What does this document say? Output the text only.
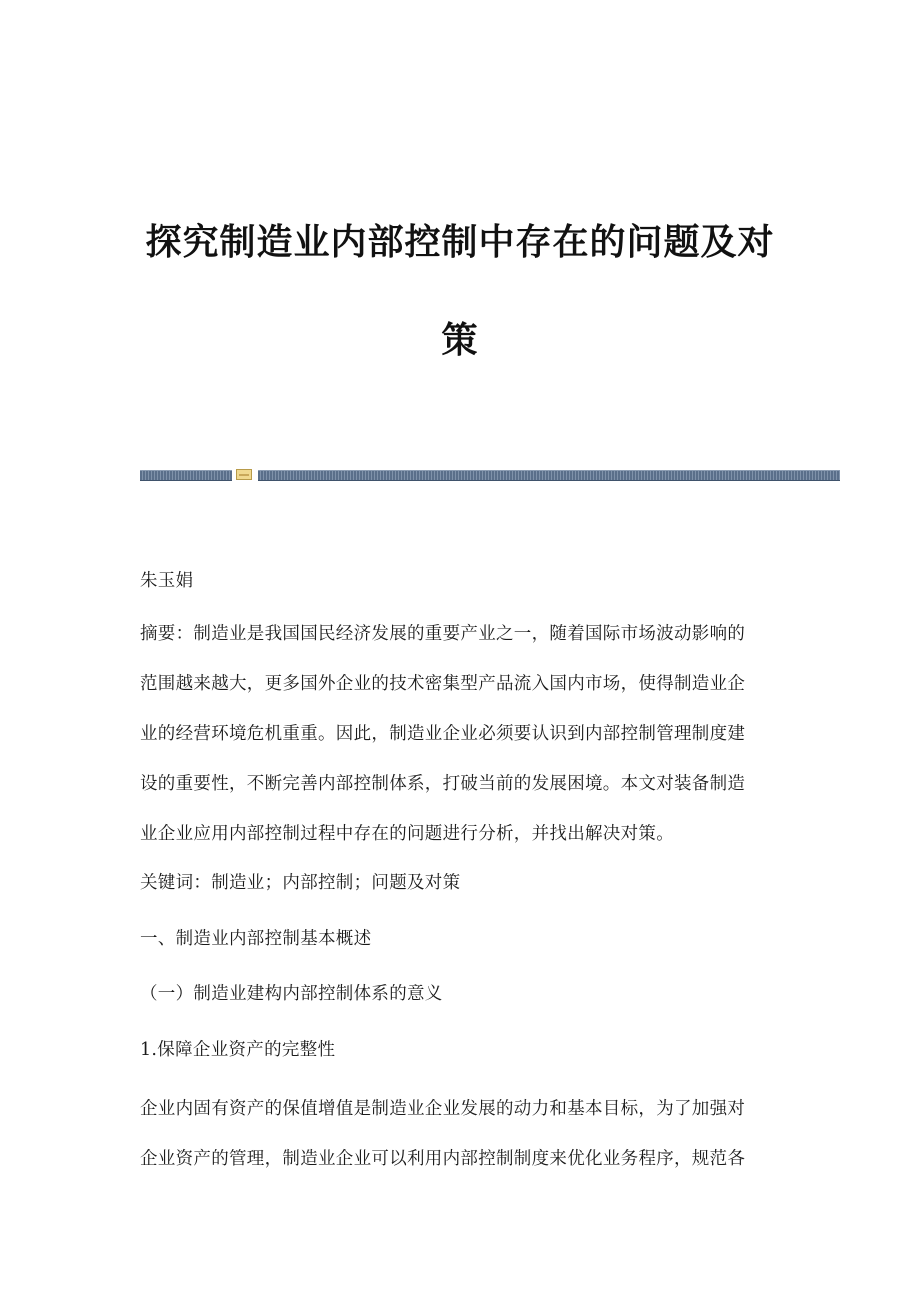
探究制造业内部控制中存在的问题及对
策

朱玉娟

摘要：制造业是我国国民经济发展的重要产业之一，随着国际市场波动影响的
范围越来越大，更多国外企业的技术密集型产品流入国内市场，使得制造业企
业的经营环境危机重重。因此，制造业企业必须要认识到内部控制管理制度建
设的重要性，不断完善内部控制体系，打破当前的发展困境。本文对装备制造
业企业应用内部控制过程中存在的问题进行分析，并找出解决对策。

关键词：制造业；内部控制；问题及对策

一、制造业内部控制基本概述

（一）制造业建构内部控制体系的意义

1.保障企业资产的完整性

企业内固有资产的保值增值是制造业企业发展的动力和基本目标，为了加强对
企业资产的管理，制造业企业可以利用内部控制制度来优化业务程序，规范各
